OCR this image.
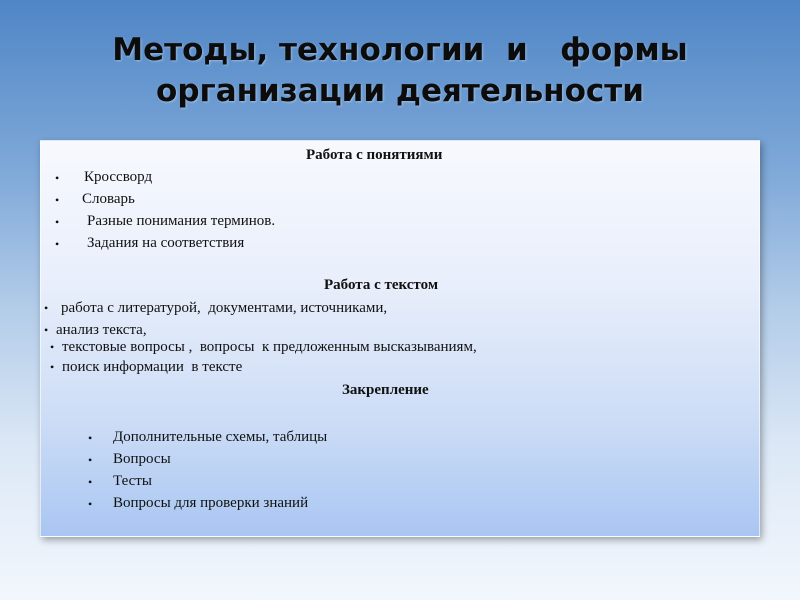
Методы, технологии  и   формы
организации деятельности
Работа с понятиями
• Кроссворд
• Словарь
• Разные понимания терминов.
• Задания на соответствия
Работа с текстом
• работа с литературой,  документами, источниками,
• анализ текста,
• текстовые вопросы ,  вопросы  к предложенным высказываниям,
• поиск информации  в тексте
Закрепление
• Дополнительные схемы, таблицы
• Вопросы
• Тесты
• Вопросы для проверки знаний
